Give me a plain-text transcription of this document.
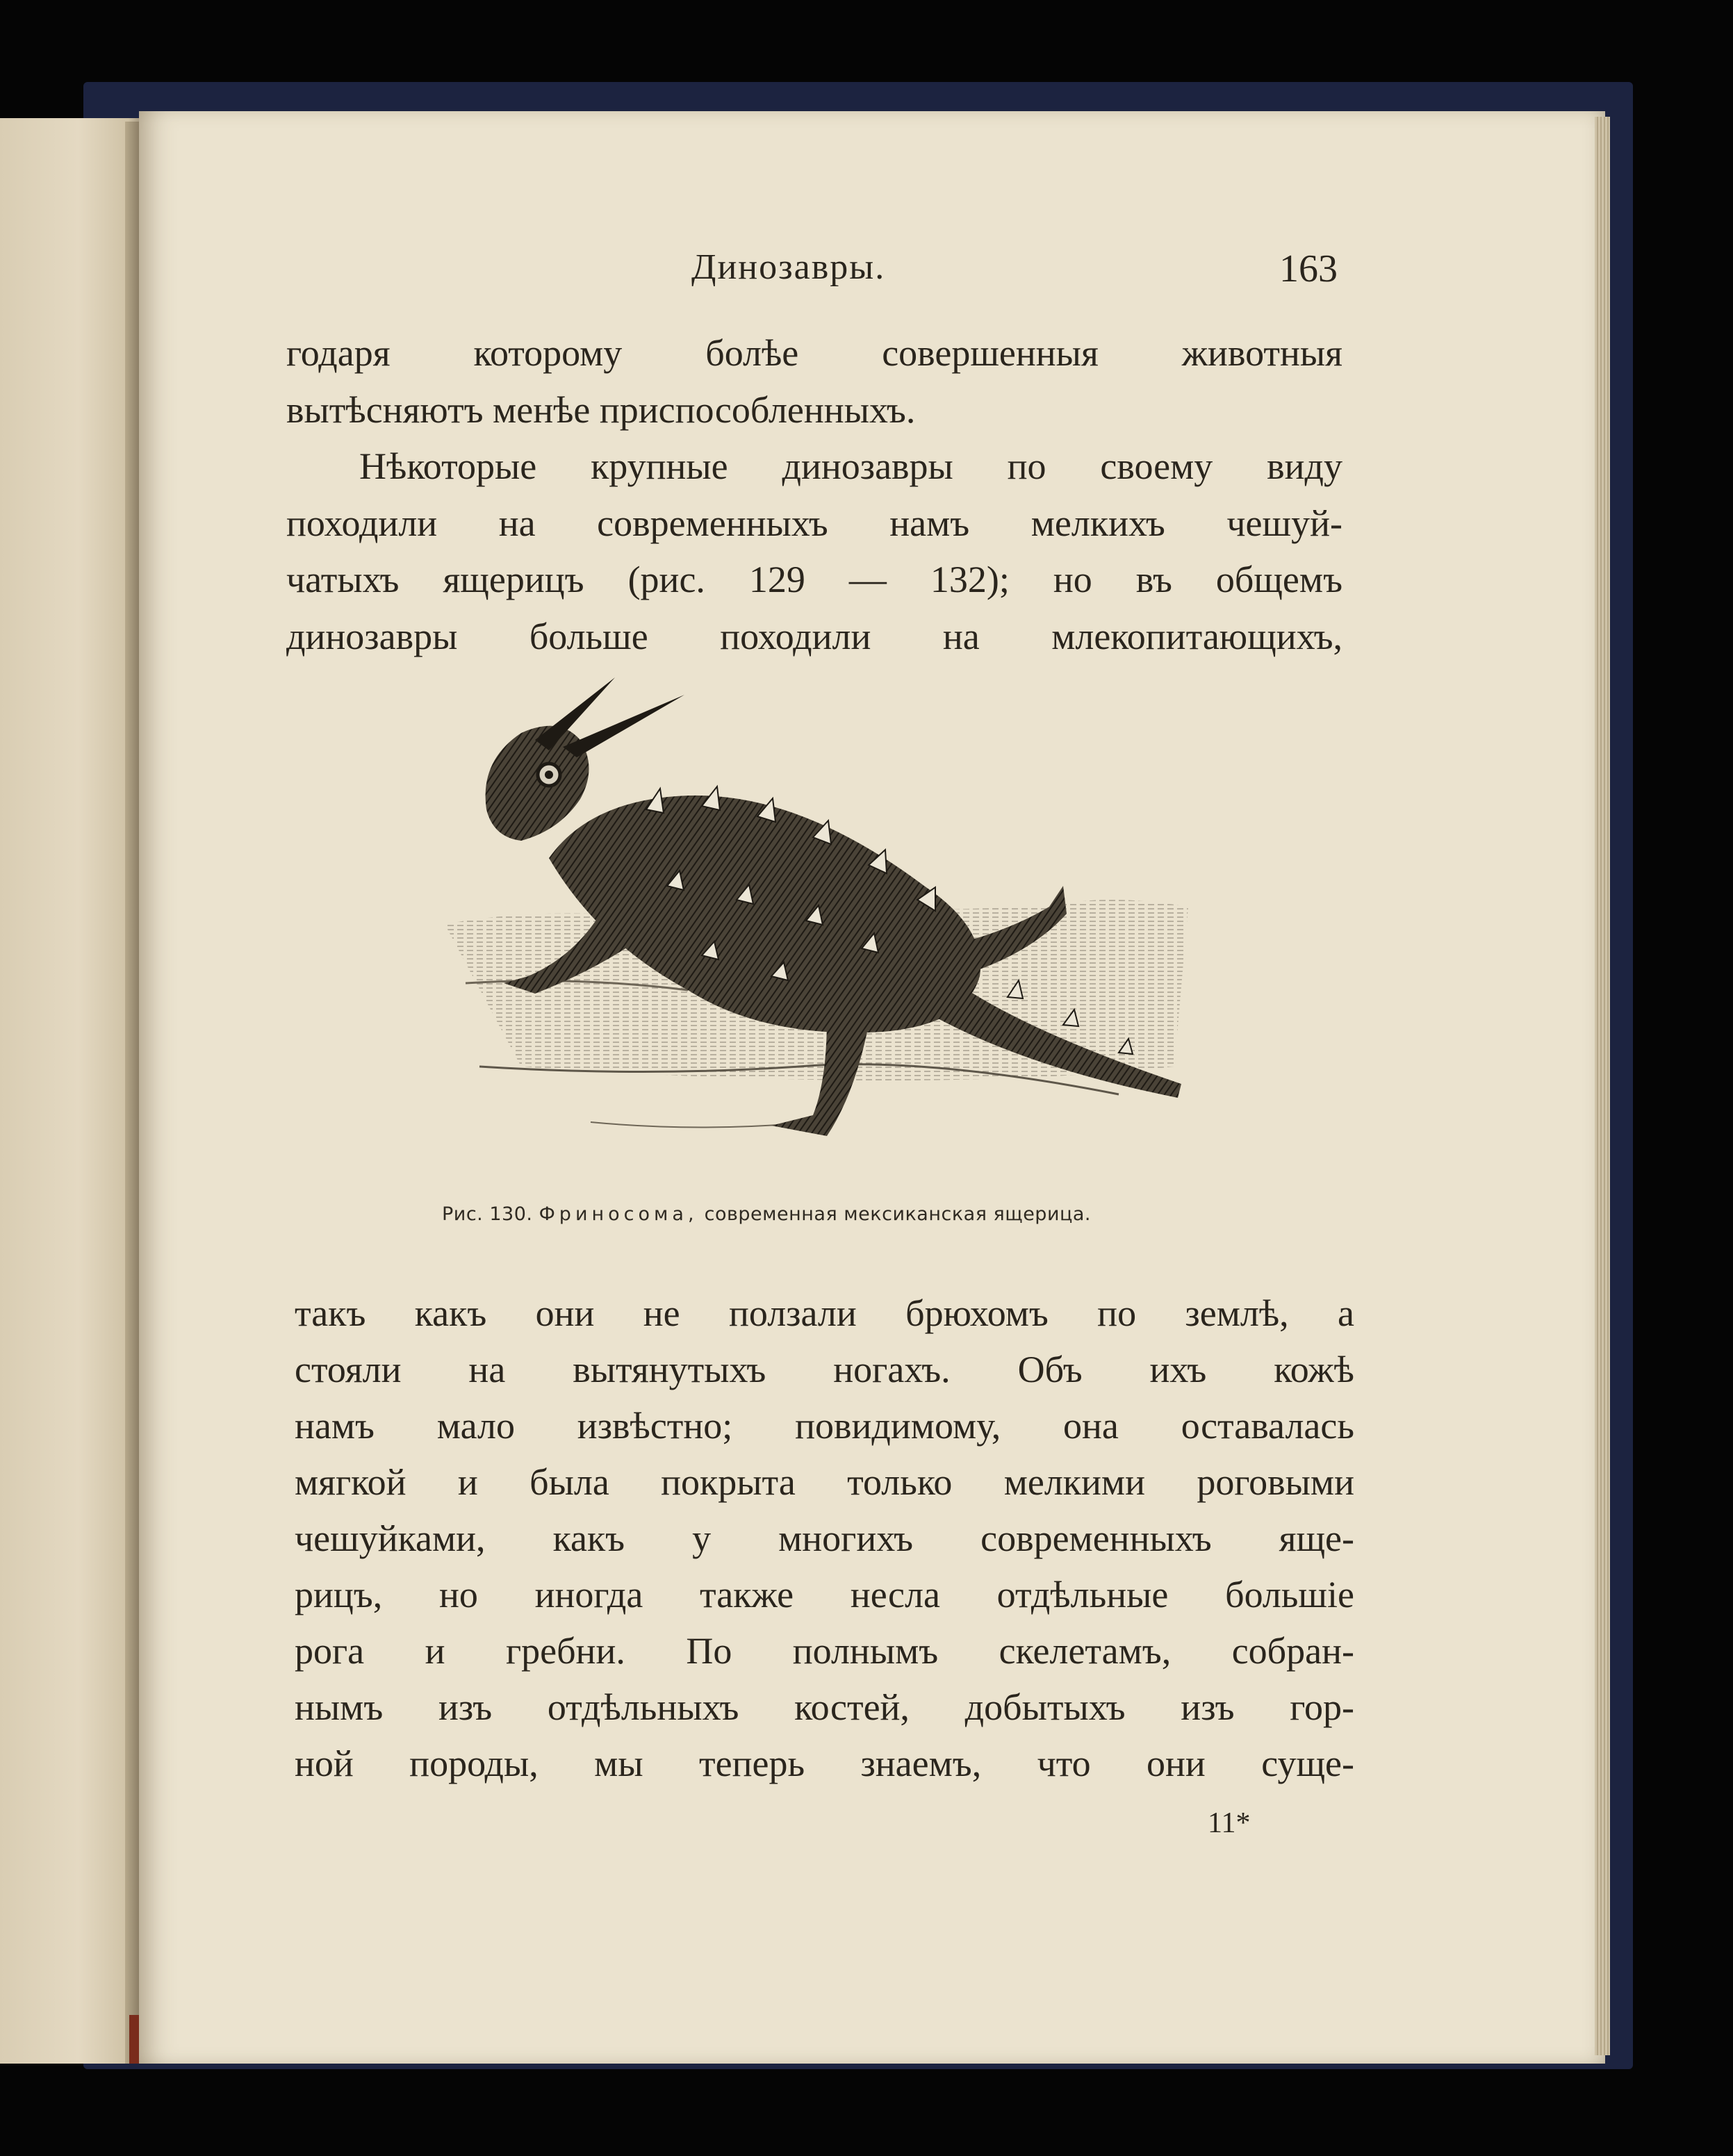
Динозавры.	163
годаря которому болѣе совершенныя животныя
вытѣсняютъ менѣе приспособленныхъ.
Нѣкоторые крупные динозавры по своему виду
походили на современныхъ намъ мелкихъ чешуй-
чатыхъ ящерицъ (рис. 129 — 132); но въ общемъ
динозавры больше походили на млекопитающихъ,
Рис. 130. Фриносома, современная мексиканская ящерица.
такъ какъ они не ползали брюхомъ по землѣ, а
стояли на вытянутыхъ ногахъ. Объ ихъ кожѣ
намъ мало извѣстно; повидимому, она оставалась
мягкой и была покрыта только мелкими роговыми
чешуйками, какъ у многихъ современныхъ яще-
рицъ, но иногда также несла отдѣльные большіе
рога и гребни. По полнымъ скелетамъ, собран-
нымъ изъ отдѣльныхъ костей, добытыхъ изъ гор-
ной породы, мы теперь знаемъ, что они суще-
11*
